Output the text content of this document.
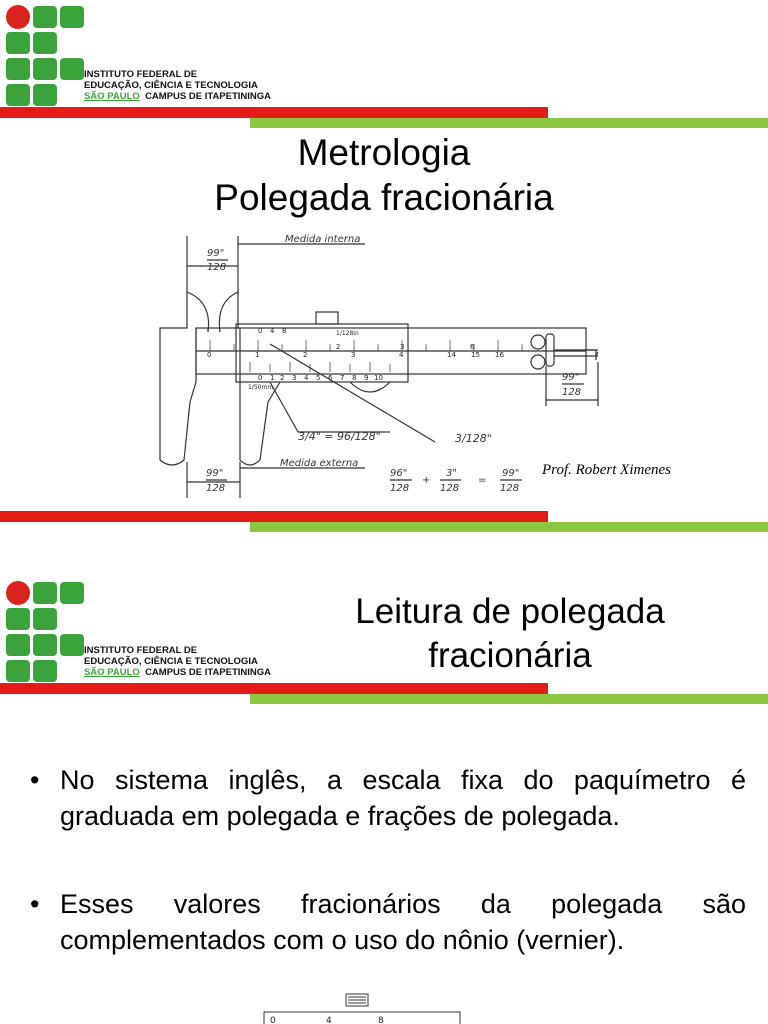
INSTITUTO FEDERAL DE
EDUCAÇÃO, CIÊNCIA E TECNOLOGIA
SÃO PAULO CAMPUS DE ITAPETININGA
Metrologia
Polegada fracionária
0	1	2	3	4	14 15 16
0 4 8
0 1 2 3 4 5 6 7 8 9 10
6
2	3
1/128in
1/50mm
Medida interna
Medida externa
3/4" = 96/128"	3/128"
99"
128
99"
128
99"
128
96"
128
+
3"
128
=
99"
128
Prof. Robert Ximenes
INSTITUTO FEDERAL DE
EDUCAÇÃO, CIÊNCIA E TECNOLOGIA
SÃO PAULO CAMPUS DE ITAPETININGA
Leitura de polegada
fracionária
• No sistema inglês, a escala fixa do paquímetro é graduada em polegada e frações de polegada.
• Esses valores fracionários da polegada são complementados com o uso do nônio (vernier).
0	4	8
